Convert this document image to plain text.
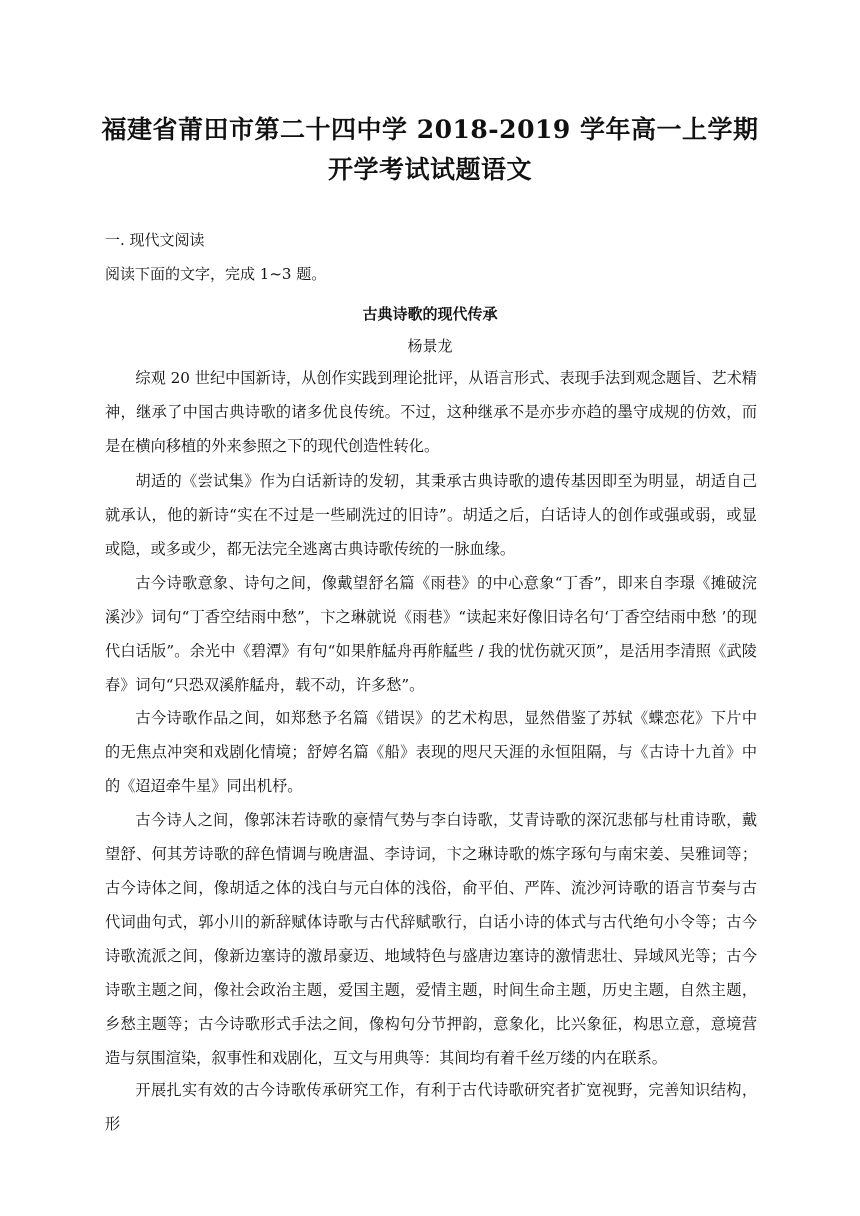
福建省莆田市第二十四中学 2018-2019 学年高一上学期
开学考试试题语文
一. 现代文阅读
阅读下面的文字，完成 1~3 题。
古典诗歌的现代传承
杨景龙

综观 20 世纪中国新诗，从创作实践到理论批评，从语言形式、表现手法到观念题旨、艺术精神，继承了中国古典诗歌的诸多优良传统。不过，这种继承不是亦步亦趋的墨守成规的仿效，而是在横向移植的外来参照之下的现代创造性转化。

胡适的《尝试集》作为白话新诗的发轫，其秉承古典诗歌的遗传基因即至为明显，胡适自己就承认，他的新诗“实在不过是一些刷洗过的旧诗”。胡适之后，白话诗人的创作或强或弱，或显或隐，或多或少，都无法完全逃离古典诗歌传统的一脉血缘。

古今诗歌意象、诗句之间，像戴望舒名篇《雨巷》的中心意象“丁香”，即来自李璟《摊破浣溪沙》词句“丁香空结雨中愁”，卞之琳就说《雨巷》“读起来好像旧诗名句‘丁香空结雨中愁 ’的现代白话版”。余光中《碧潭》有句“如果舴艋舟再舴艋些 / 我的忧伤就灭顶”，是活用李清照《武陵春》词句“只恐双溪舴艋舟，载不动，许多愁”。

古今诗歌作品之间，如郑愁予名篇《错误》的艺术构思，显然借鉴了苏轼《蝶恋花》下片中的无焦点冲突和戏剧化情境；舒婷名篇《船》表现的咫尺天涯的永恒阻隔，与《古诗十九首》中的《迢迢牵牛星》同出机杼。

古今诗人之间，像郭沫若诗歌的豪情气势与李白诗歌，艾青诗歌的深沉悲郁与杜甫诗歌，戴望舒、何其芳诗歌的辞色情调与晚唐温、李诗词，卞之琳诗歌的炼字琢句与南宋姜、吴雅词等；古今诗体之间，像胡适之体的浅白与元白体的浅俗，俞平伯、严阵、流沙河诗歌的语言节奏与古代词曲句式，郭小川的新辞赋体诗歌与古代辞赋歌行，白话小诗的体式与古代绝句小令等；古今诗歌流派之间，像新边塞诗的激昂豪迈、地域特色与盛唐边塞诗的激情悲壮、异域风光等；古今诗歌主题之间，像社会政治主题，爱国主题，爱情主题，时间生命主题，历史主题，自然主题，乡愁主题等；古今诗歌形式手法之间，像构句分节押韵，意象化，比兴象征，构思立意，意境营造与氛围渲染，叙事性和戏剧化，互文与用典等：其间均有着千丝万缕的内在联系。

开展扎实有效的古今诗歌传承研究工作，有利于古代诗歌研究者扩宽视野，完善知识结构，形
